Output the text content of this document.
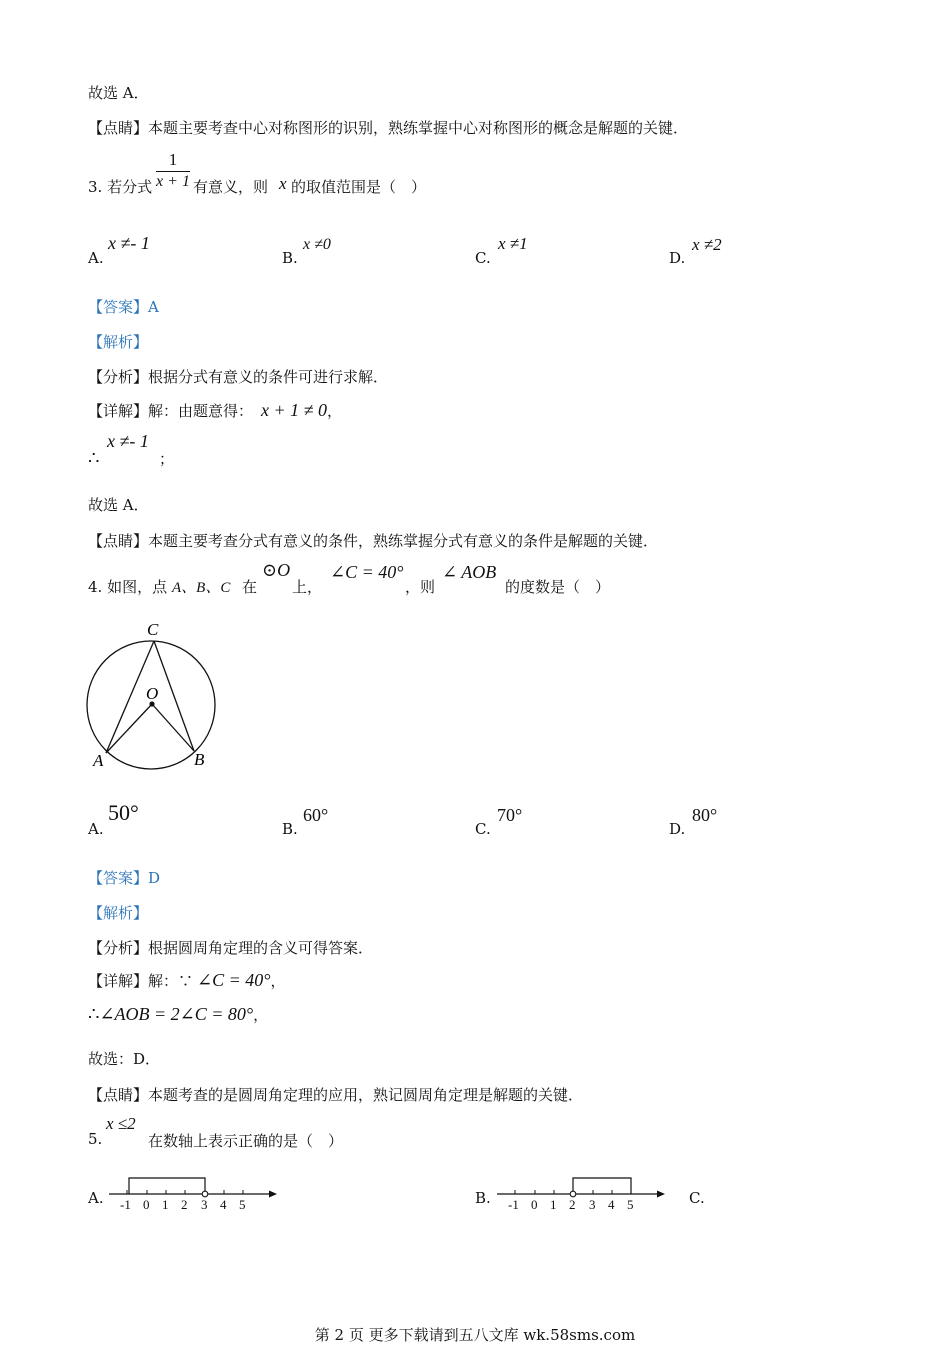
故选 A．
【点睛】本题主要考查中心对称图形的识别，熟练掌握中心对称图形的概念是解题的关键．
3. 若分式
1
x + 1 有意义，则 x 的取值范围是（　）
A.
x ≠- 1
B.
x ≠0
C.
x ≠1
D.
x ≠2
【答案】A
【解析】
【分析】根据分式有意义的条件可进行求解．
【详解】解：由题意得： x + 1 ≠ 0，
∴
x ≠- 1
；
故选 A．
【点睛】本题主要考查分式有意义的条件，熟练掌握分式有意义的条件是解题的关键．
4. 如图，点 A、B、C 在
⊙O
上，
∠C = 40°
，则
∠ AOB
的度数是（　）
C
O
A	B
A.
50°
B.
60°
C.
70°
D.
80°
【答案】D
【解析】
【分析】根据圆周角定理的含义可得答案．
【详解】解：∵ ∠C = 40°，
∴∠AOB = 2∠C = 80°，
故选：D．
【点睛】本题考查的是圆周角定理的应用，熟记圆周角定理是解题的关键．
5.
x ≤2
在数轴上表示正确的是（　）
A. -1 0 1 2 3 4 5	B. -1 0 1 2 3 4 5	C.
第 2 页 更多下载请到五八文库 wk.58sms.com
